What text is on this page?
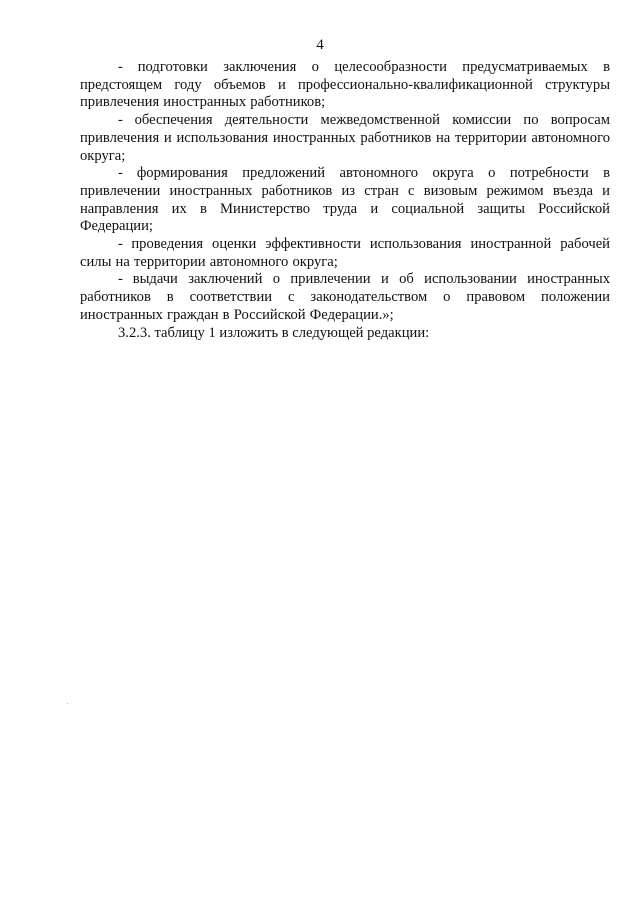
4

- подготовки заключения о целесообразности предусматриваемых в предстоящем году объемов и профессионально-квалификационной структуры привлечения иностранных работников;

- обеспечения деятельности межведомственной комиссии по вопросам привлечения и использования иностранных работников на территории автономного округа;

- формирования предложений автономного округа о потребности в привлечении иностранных работников из стран с визовым режимом въезда и направления их в Министерство труда и социальной защиты Российской Федерации;

- проведения оценки эффективности использования иностранной рабочей силы на территории автономного округа;

- выдачи заключений о привлечении и об использовании иностранных работников в соответствии с законодательством о правовом положении иностранных граждан в Российской Федерации.»;

3.2.3. таблицу 1 изложить в следующей редакции:
